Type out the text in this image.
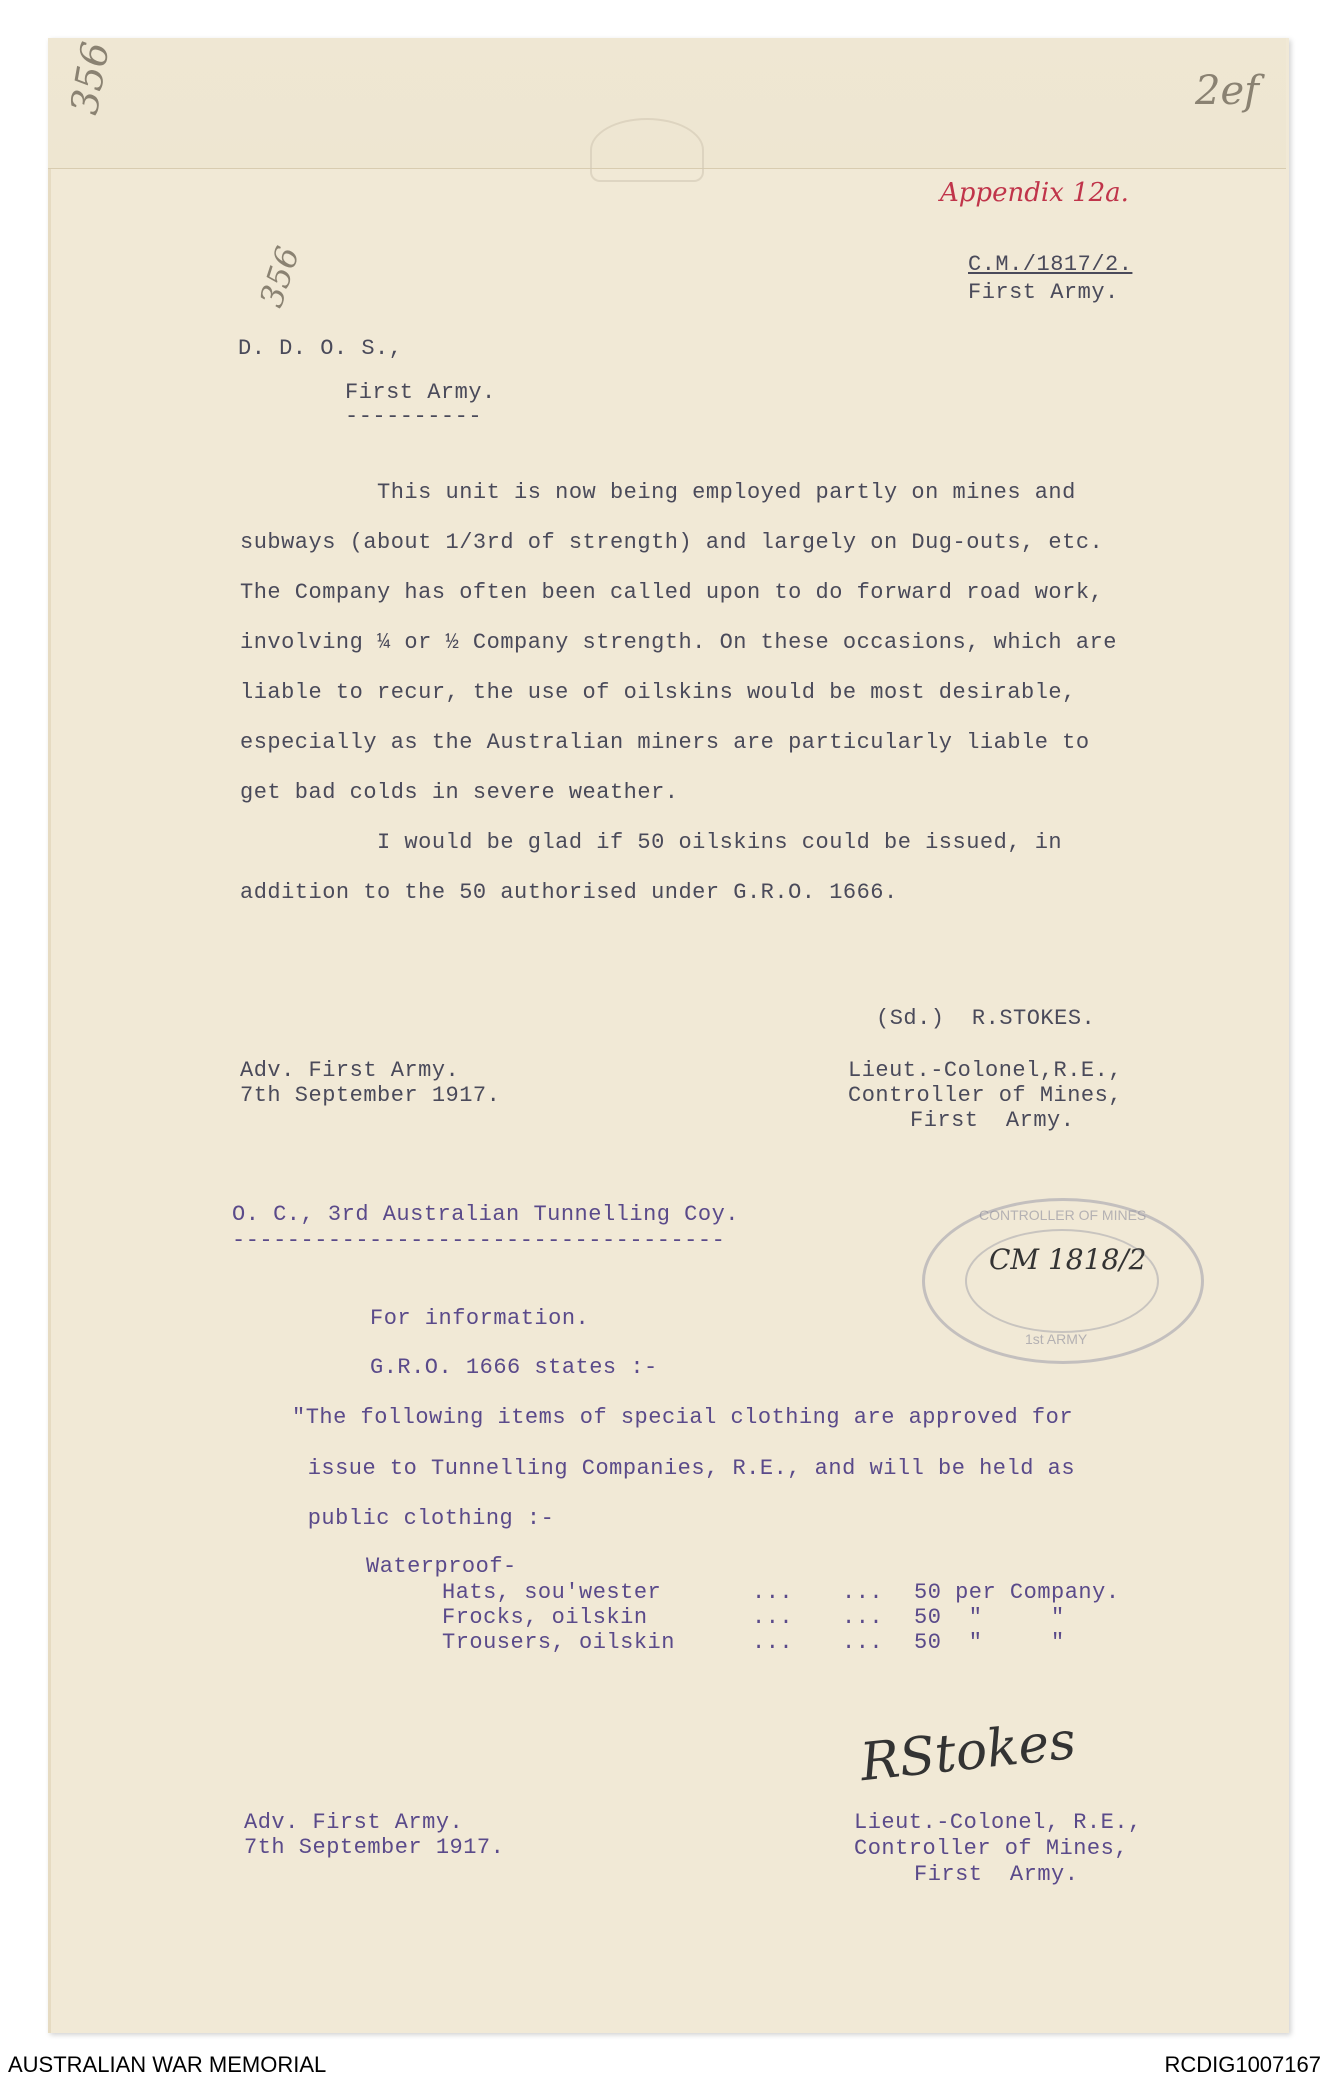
356	2ef
356
Appendix 12a.
C.M./1817/2.
First Army.
D. D. O. S.,
First Army.
----------
This unit is now being employed partly on mines and
subways (about 1/3rd of strength) and largely on Dug-outs, etc.
The Company has often been called upon to do forward road work,
involving ¼ or ½ Company strength. On these occasions, which are
liable to recur, the use of oilskins would be most desirable,
especially as the Australian miners are particularly liable to
get bad colds in severe weather.
I would be glad if 50 oilskins could be issued, in
addition to the 50 authorised under G.R.O. 1666.
(Sd.)  R.STOKES.
Adv. First Army.
7th September 1917.
Lieut.-Colonel,R.E.,
Controller of Mines,
First  Army.
O. C., 3rd Australian Tunnelling Coy.
------------------------------------
CONTROLLER OF MINES
1st ARMY
CM 1818/2
For information.
G.R.O. 1666 states :-
"The following items of special clothing are approved for
issue to Tunnelling Companies, R.E., and will be held as
public clothing :-
Waterproof-
Hats, sou'wester	... ... 50 per Company.
Frocks, oilskin	... ... 50  "     "
Trousers, oilskin	... ... 50  "     "
RStokes
Adv. First Army.
7th September 1917.
Lieut.-Colonel, R.E.,
Controller of Mines,
First  Army.
AUSTRALIAN WAR MEMORIAL	RCDIG1007167
